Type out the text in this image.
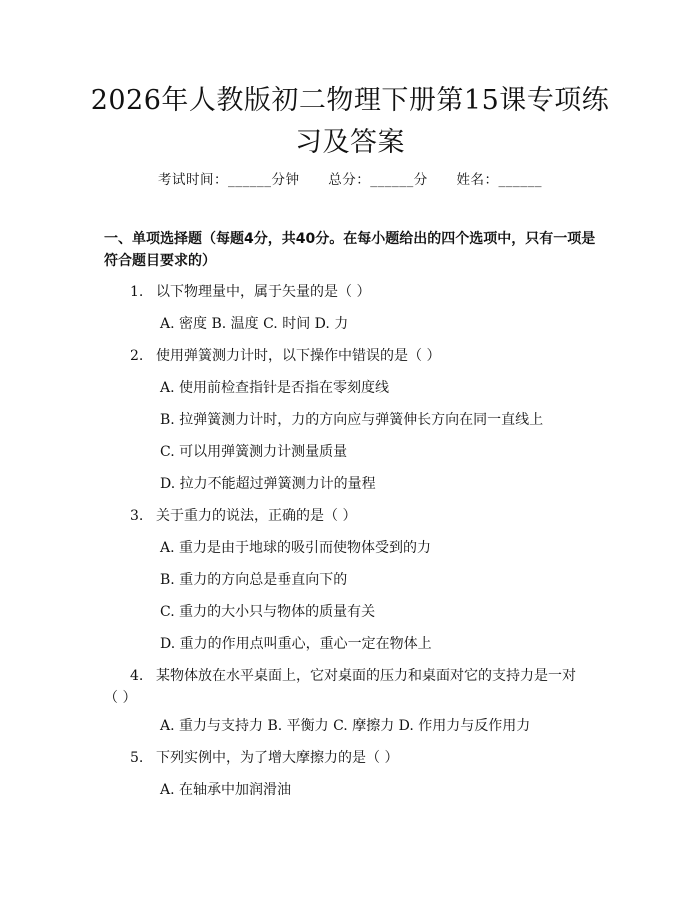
2026年人教版初二物理下册第15课专项练习及答案
考试时间：______分钟 总分：______分 姓名：______
一、单项选择题（每题4分，共40分。在每小题给出的四个选项中，只有一项是符合题目要求的）
1. 以下物理量中，属于矢量的是（ ）
A. 密度 B. 温度 C. 时间 D. 力
2. 使用弹簧测力计时，以下操作中错误的是（ ）
A. 使用前检查指针是否指在零刻度线
B. 拉弹簧测力计时，力的方向应与弹簧伸长方向在同一直线上
C. 可以用弹簧测力计测量质量
D. 拉力不能超过弹簧测力计的量程
3. 关于重力的说法，正确的是（ ）
A. 重力是由于地球的吸引而使物体受到的力
B. 重力的方向总是垂直向下的
C. 重力的大小只与物体的质量有关
D. 重力的作用点叫重心，重心一定在物体上
4. 某物体放在水平桌面上，它对桌面的压力和桌面对它的支持力是一对（ ）
A. 重力与支持力 B. 平衡力 C. 摩擦力 D. 作用力与反作用力
5. 下列实例中，为了增大摩擦力的是（ ）
A. 在轴承中加润滑油
